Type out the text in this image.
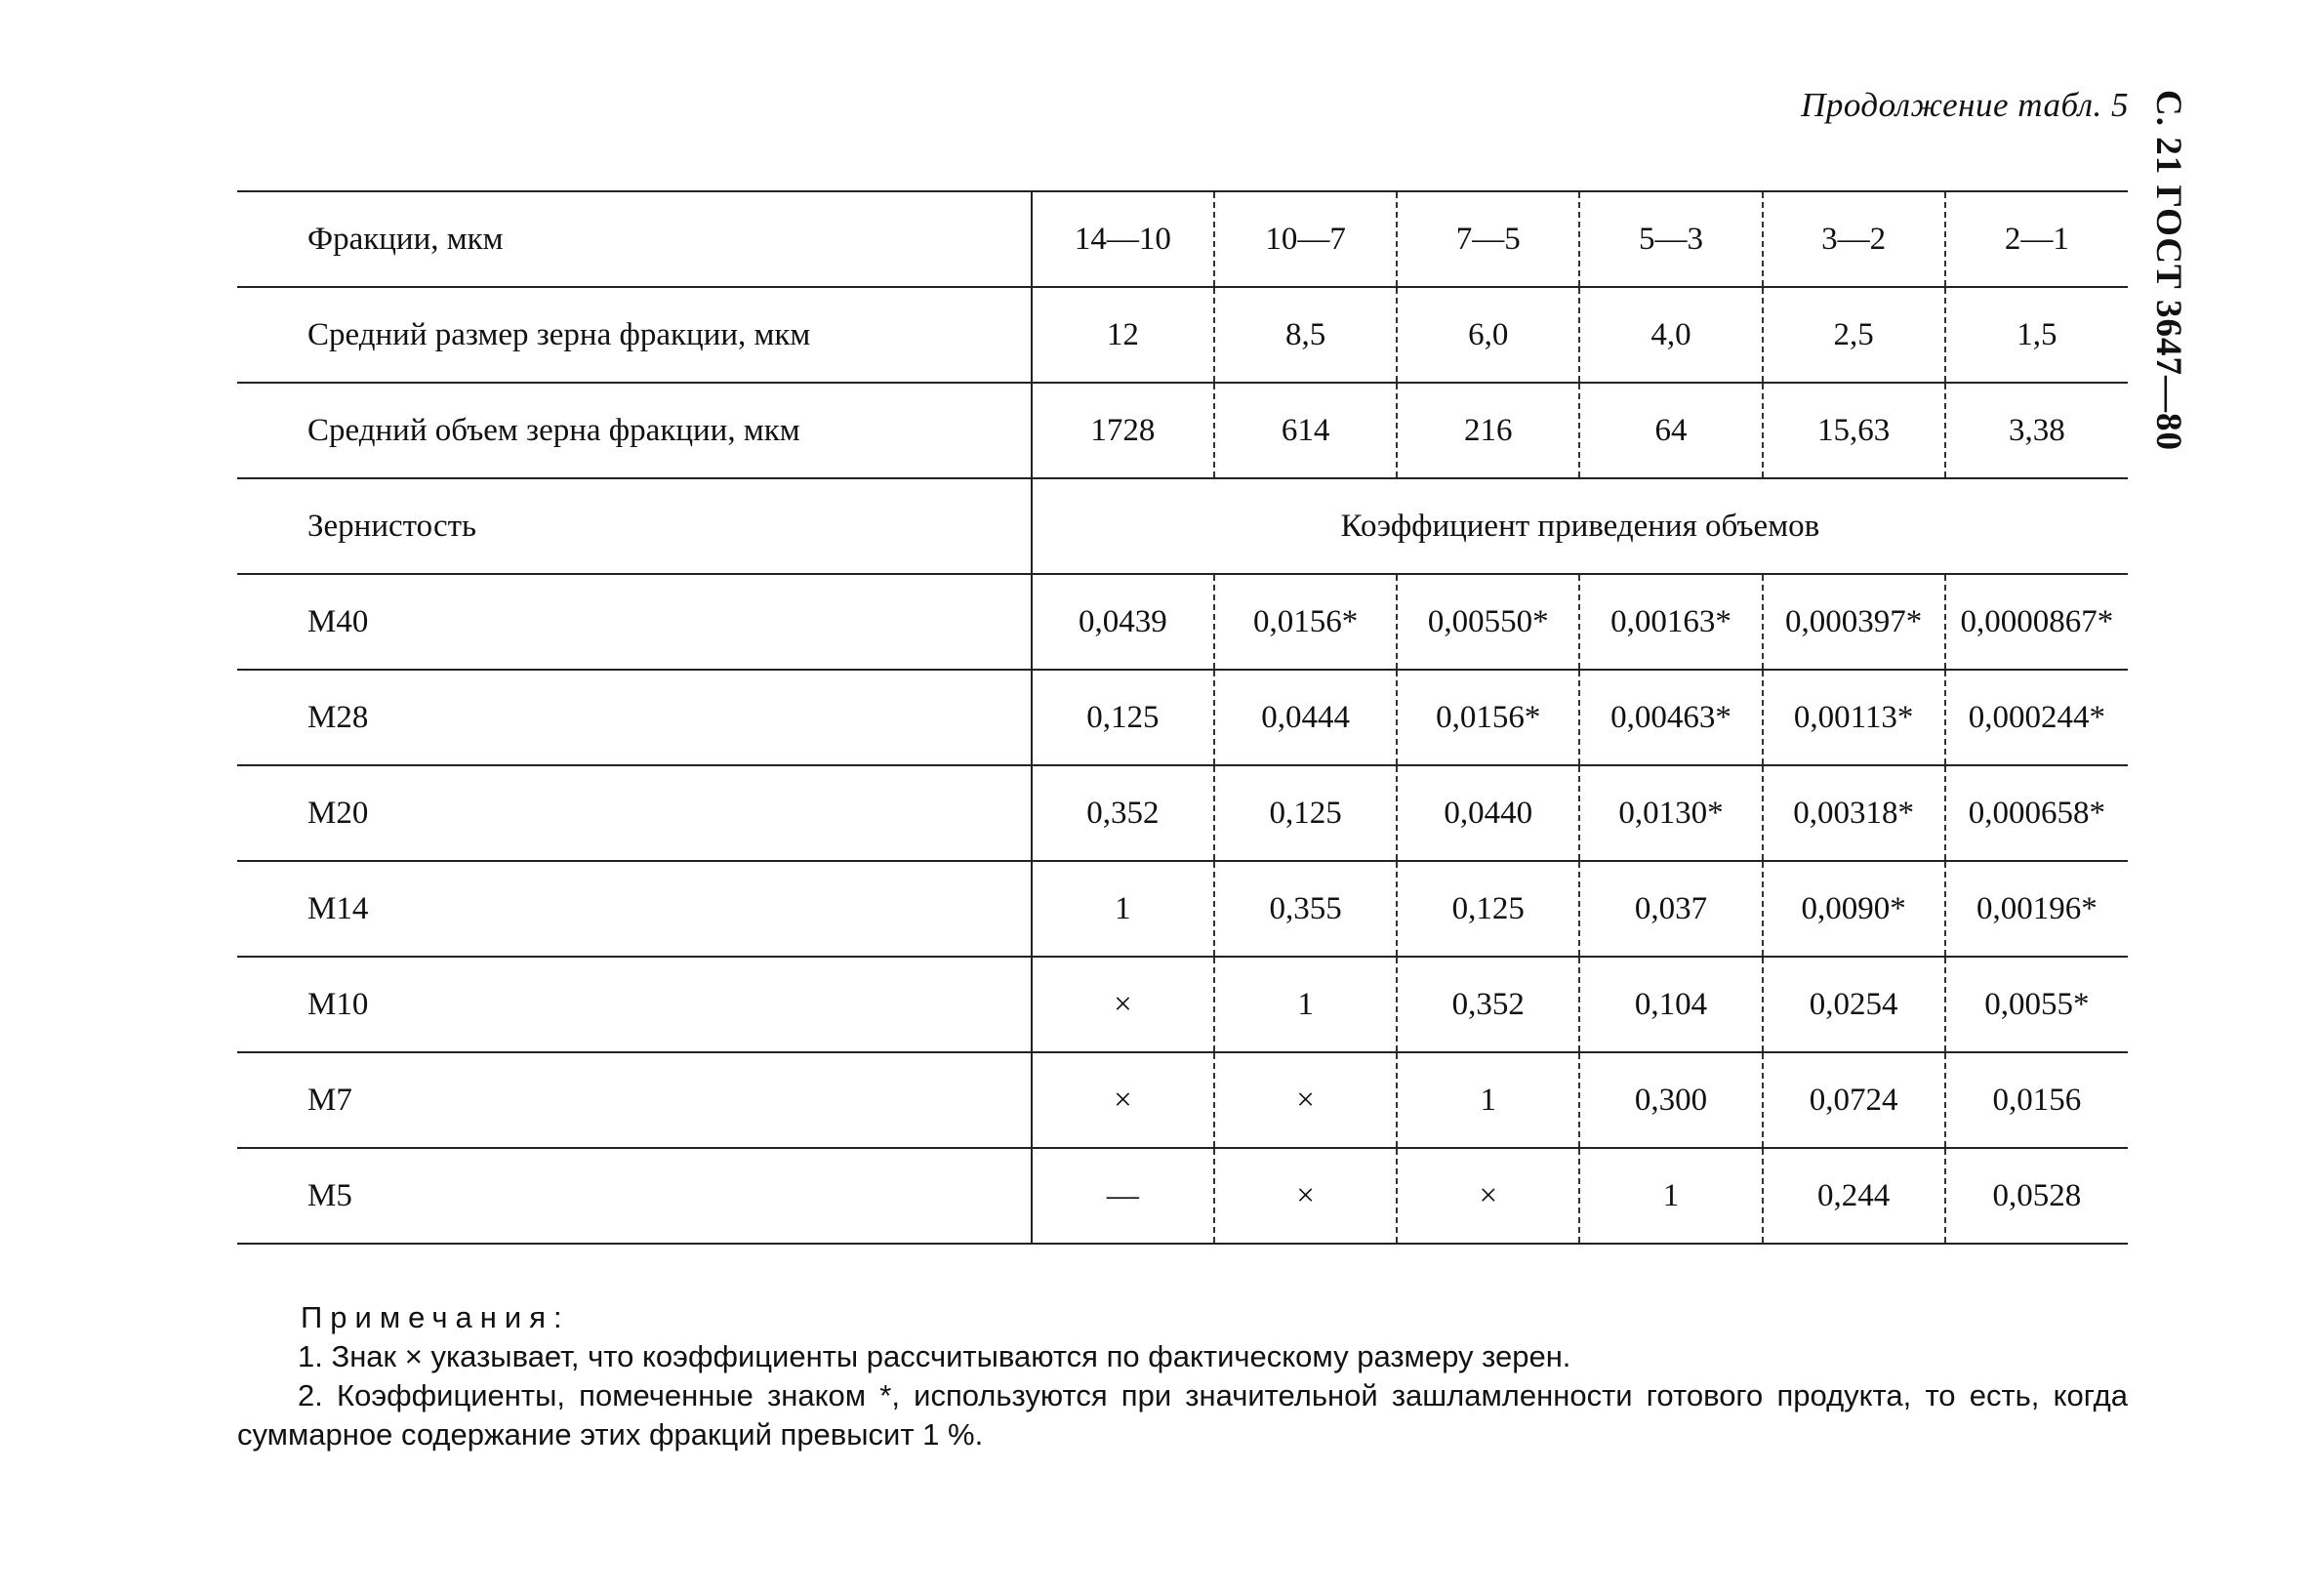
Продолжение табл. 5 С. 21 ГОСТ 3647—80
Фракции, мкм	14—10	10—7	7—5	5—3	3—2	2—1
Средний размер зерна фракции, мкм	12	8,5	6,0	4,0	2,5	1,5
Средний объем зерна фракции, мкм	1728	614	216	64	15,63	3,38
Зернистость	Коэффициент приведения объемов					
М40	0,0439	0,0156*	0,00550*	0,00163*	0,000397*	0,0000867*
М28	0,125	0,0444	0,0156*	0,00463*	0,00113*	0,000244*
М20	0,352	0,125	0,0440	0,0130*	0,00318*	0,000658*
М14	1	0,355	0,125	0,037	0,0090*	0,00196*
М10	×	1	0,352	0,104	0,0254	0,0055*
М7	×	×	1	0,300	0,0724	0,0156
М5	—	×	×	1	0,244	0,0528
Примечания:
1. Знак × указывает, что коэффициенты рассчитываются по фактическому размеру зерен.
2. Коэффициенты, помеченные знаком *, используются при значительной зашламленности готового продукта, то есть, когда суммарное содержание этих фракций превысит 1 %.
